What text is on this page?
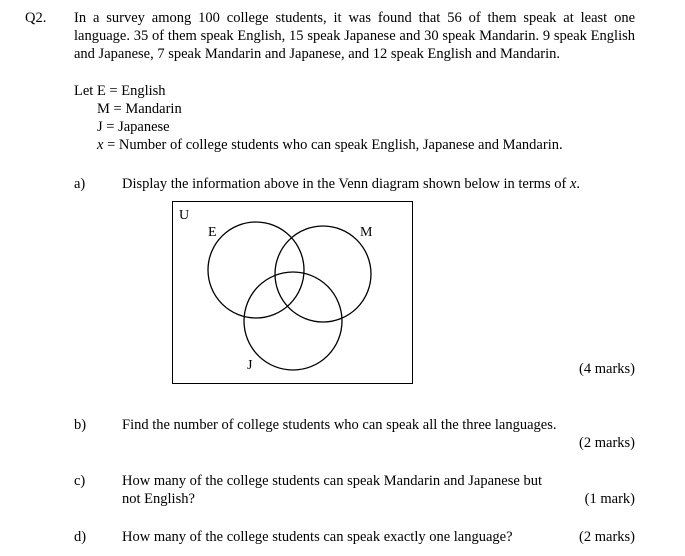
Q2. In a survey among 100 college students, it was found that 56 of them speak at least one language. 35 of them speak English, 15 speak Japanese and 30 speak Mandarin. 9 speak English and Japanese, 7 speak Mandarin and Japanese, and 12 speak English and Mandarin.
Let E = English
M = Mandarin
J = Japanese
x = Number of college students who can speak English, Japanese and Mandarin.
a)	Display the information above in the Venn diagram shown below in terms of x.
U
E	M
J	(4 marks)
b) Find the number of college students who can speak all the three languages.
(2 marks)
c)	How many of the college students can speak Mandarin and Japanese but not English?	(1 mark)
d) How many of the college students can speak exactly one language?	(2 marks)
